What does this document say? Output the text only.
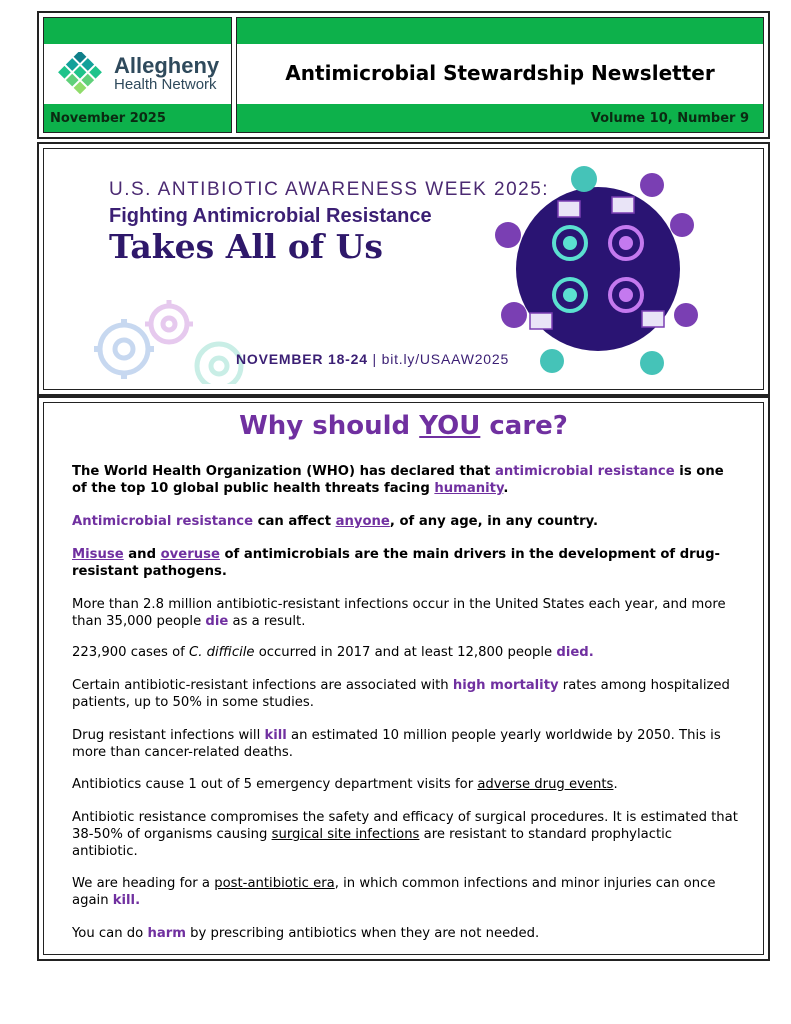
Allegheny
Health Network
November 2025
Antimicrobial Stewardship Newsletter
Volume 10, Number 9
U.S. ANTIBIOTIC AWARENESS WEEK 2025:
Fighting Antimicrobial Resistance
Takes All of Us
NOVEMBER 18-24 | bit.ly/USAAW2025
Why should YOU care?
The World Health Organization (WHO) has declared that antimicrobial resistance is one of the top 10 global public health threats facing humanity.
Antimicrobial resistance can affect anyone, of any age, in any country.
Misuse and overuse of antimicrobials are the main drivers in the development of drug-resistant pathogens.
More than 2.8 million antibiotic-resistant infections occur in the United States each year, and more than 35,000 people die as a result.
223,900 cases of C. difficile occurred in 2017 and at least 12,800 people died.
Certain antibiotic-resistant infections are associated with high mortality rates among hospitalized patients, up to 50% in some studies.
Drug resistant infections will kill an estimated 10 million people yearly worldwide by 2050. This is more than cancer-related deaths.
Antibiotics cause 1 out of 5 emergency department visits for adverse drug events.
Antibiotic resistance compromises the safety and efficacy of surgical procedures. It is estimated that 38-50% of organisms causing surgical site infections are resistant to standard prophylactic antibiotic.
We are heading for a post-antibiotic era, in which common infections and minor injuries can once again kill.
You can do harm by prescribing antibiotics when they are not needed.
